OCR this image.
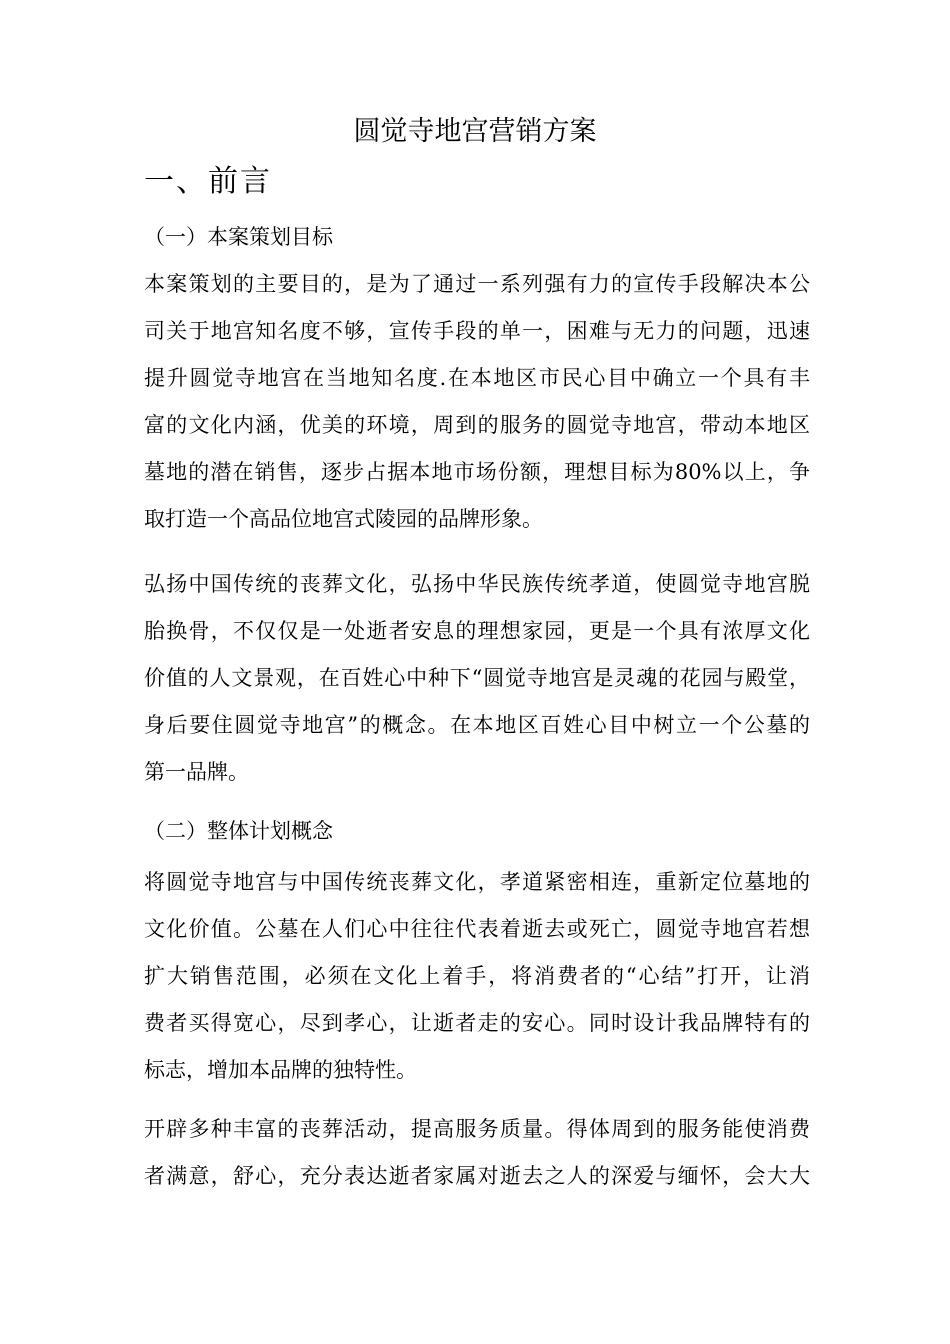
圆觉寺地宫营销方案
一、前言
（一）本案策划目标
本案策划的主要目的，是为了通过一系列强有力的宣传手段解决本公
司关于地宫知名度不够，宣传手段的单一，困难与无力的问题，迅速
提升圆觉寺地宫在当地知名度.在本地区市民心目中确立一个具有丰
富的文化内涵，优美的环境，周到的服务的圆觉寺地宫，带动本地区
墓地的潜在销售，逐步占据本地市场份额，理想目标为80%以上，争
取打造一个高品位地宫式陵园的品牌形象。
弘扬中国传统的丧葬文化，弘扬中华民族传统孝道，使圆觉寺地宫脱
胎换骨，不仅仅是一处逝者安息的理想家园，更是一个具有浓厚文化
价值的人文景观，在百姓心中种下“圆觉寺地宫是灵魂的花园与殿堂，
身后要住圆觉寺地宫”的概念。在本地区百姓心目中树立一个公墓的
第一品牌。
（二）整体计划概念
将圆觉寺地宫与中国传统丧葬文化，孝道紧密相连，重新定位墓地的
文化价值。公墓在人们心中往往代表着逝去或死亡，圆觉寺地宫若想
扩大销售范围，必须在文化上着手，将消费者的“心结”打开，让消
费者买得宽心，尽到孝心，让逝者走的安心。同时设计我品牌特有的
标志，增加本品牌的独特性。
开辟多种丰富的丧葬活动，提高服务质量。得体周到的服务能使消费
者满意，舒心，充分表达逝者家属对逝去之人的深爱与缅怀，会大大
